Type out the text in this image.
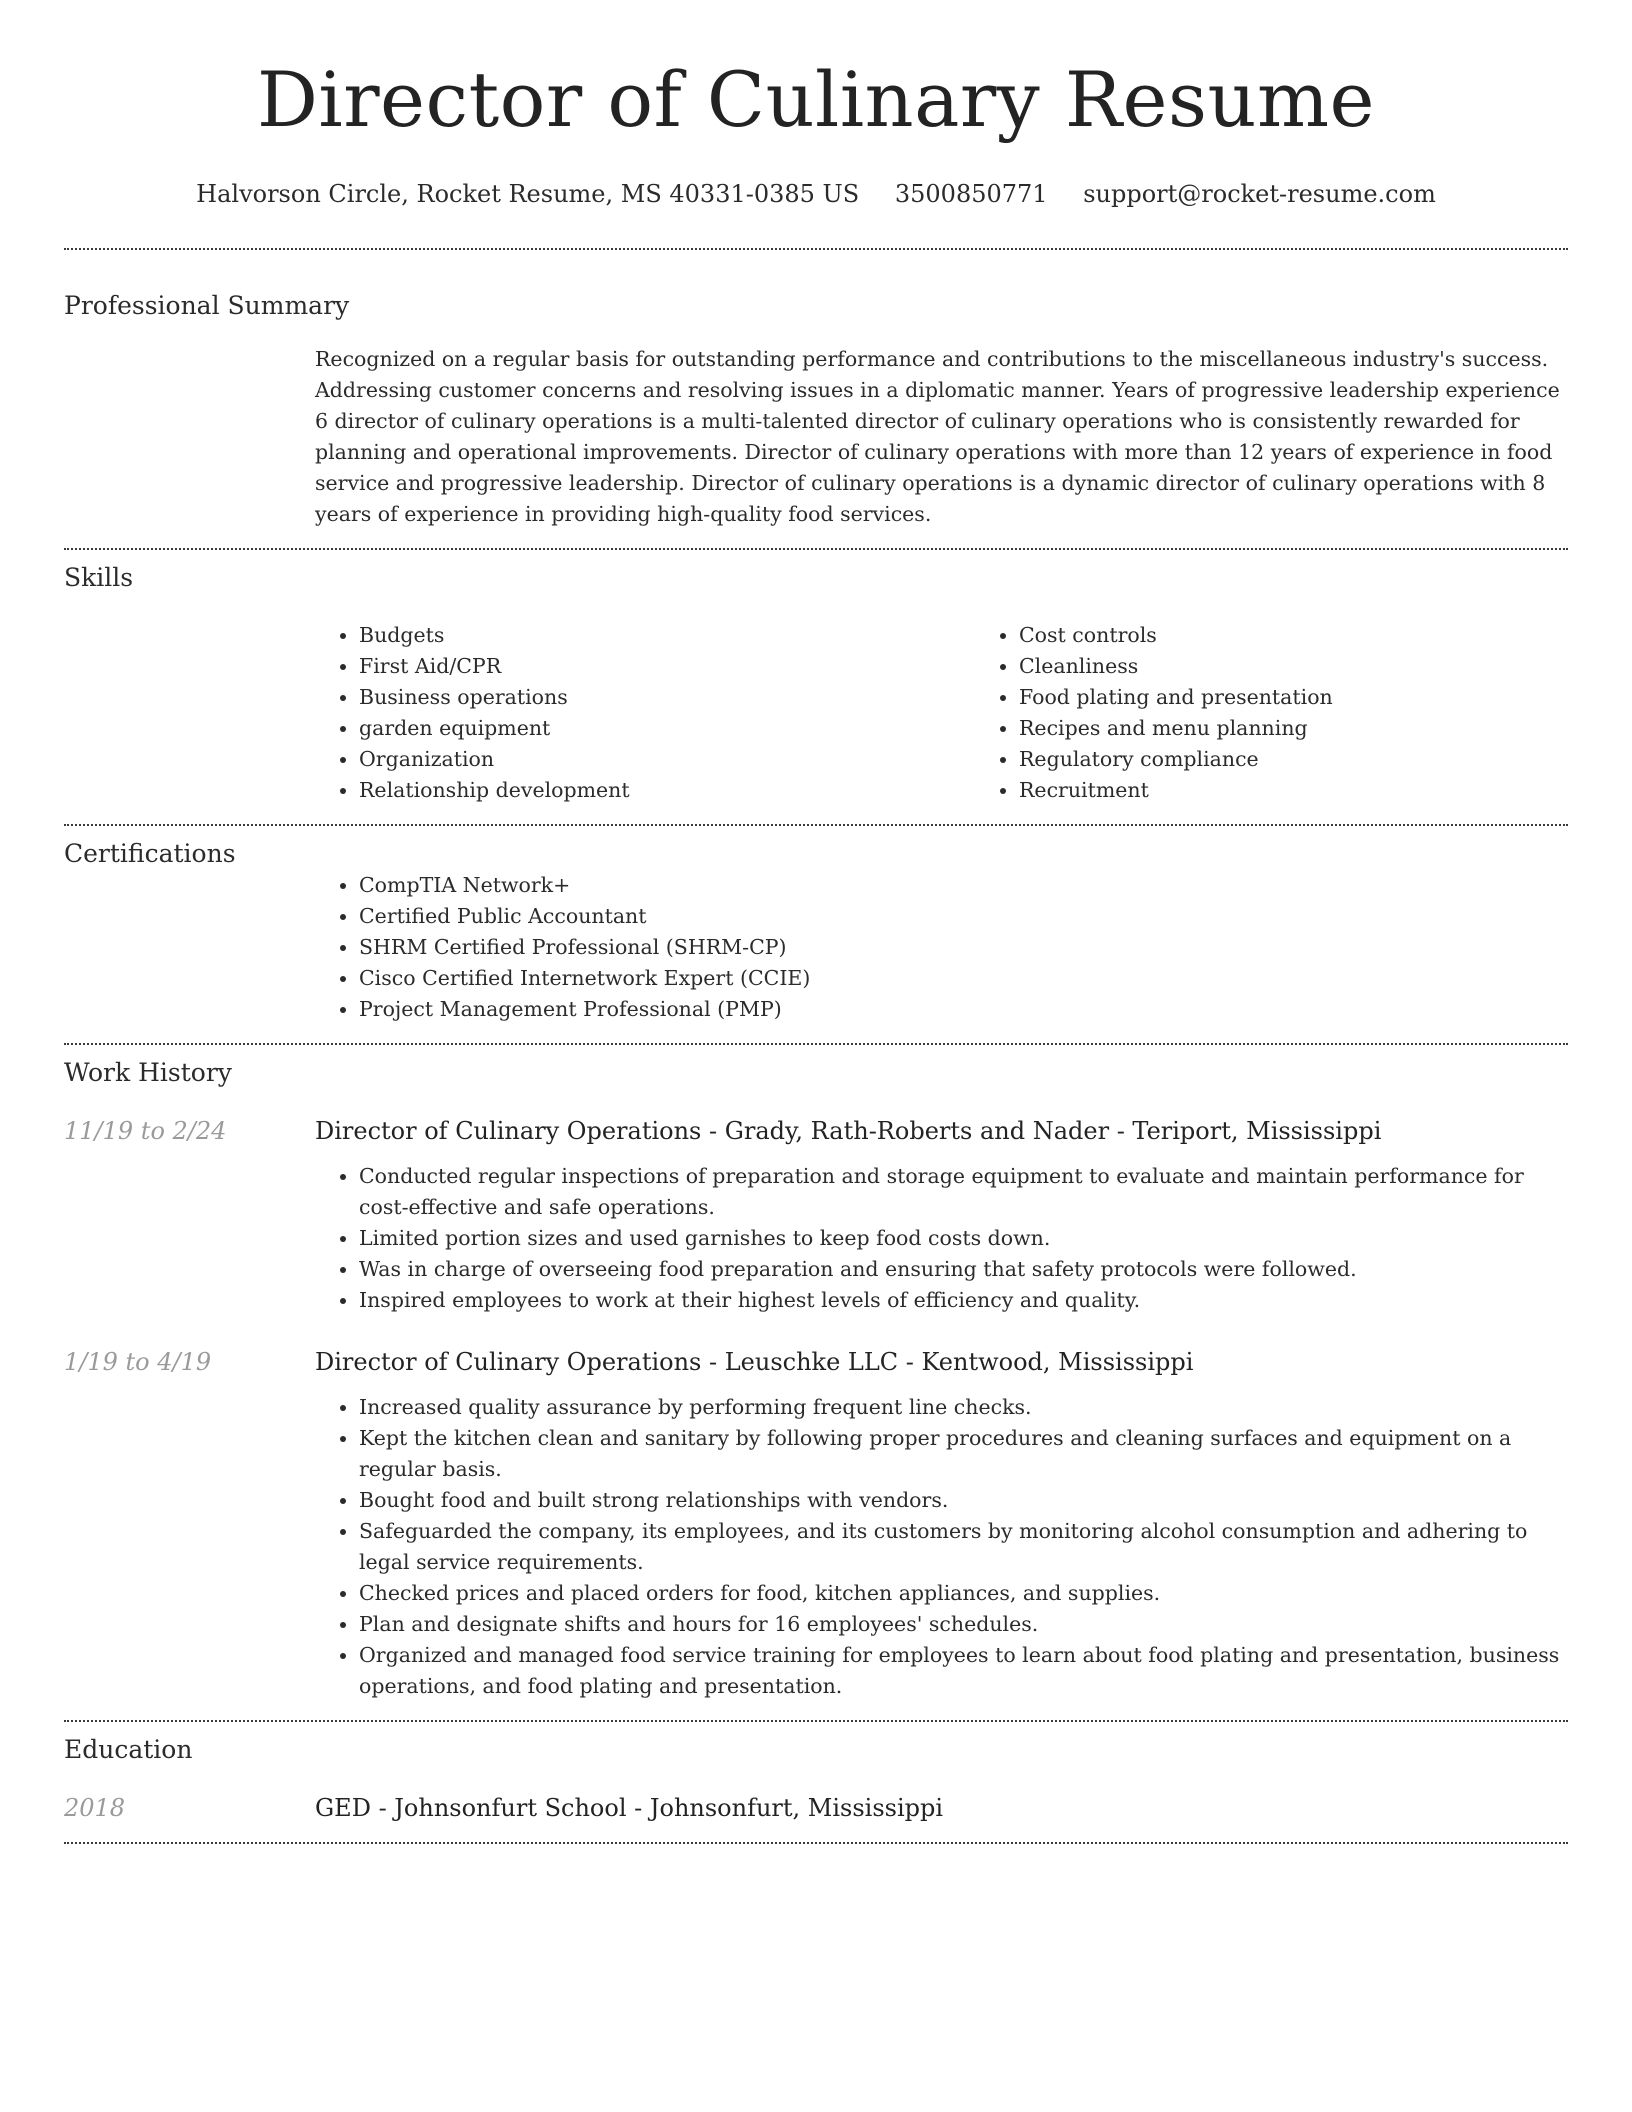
Director of Culinary Resume
Halvorson Circle, Rocket Resume, MS 40331-0385 US 3500850771 support@rocket-resume.com
Professional Summary

Recognized on a regular basis for outstanding performance and contributions to the miscellaneous industry's success. Addressing customer concerns and resolving issues in a diplomatic manner. Years of progressive leadership experience 6 director of culinary operations is a multi-talented director of culinary operations who is consistently rewarded for planning and operational improvements. Director of culinary operations with more than 12 years of experience in food service and progressive leadership. Director of culinary operations is a dynamic director of culinary operations with 8 years of experience in providing high-quality food services.

Skills
• Budgets
• First Aid/CPR
• Business operations
• garden equipment
• Organization
• Relationship development
• Cost controls
• Cleanliness
• Food plating and presentation
• Recipes and menu planning
• Regulatory compliance
• Recruitment
Certifications
• CompTIA Network+
• Certified Public Accountant
• SHRM Certified Professional (SHRM-CP)
• Cisco Certified Internetwork Expert (CCIE)
• Project Management Professional (PMP)
Work History
11/19 to 2/24	Director of Culinary Operations - Grady, Rath-Roberts and Nader - Teriport, Mississippi
• Conducted regular inspections of preparation and storage equipment to evaluate and maintain performance for cost-effective and safe operations.
• Limited portion sizes and used garnishes to keep food costs down.
• Was in charge of overseeing food preparation and ensuring that safety protocols were followed.
• Inspired employees to work at their highest levels of efficiency and quality.
1/19 to 4/19	Director of Culinary Operations - Leuschke LLC - Kentwood, Mississippi
• Increased quality assurance by performing frequent line checks.
• Kept the kitchen clean and sanitary by following proper procedures and cleaning surfaces and equipment on a regular basis.
• Bought food and built strong relationships with vendors.
• Safeguarded the company, its employees, and its customers by monitoring alcohol consumption and adhering to legal service requirements.
• Checked prices and placed orders for food, kitchen appliances, and supplies.
• Plan and designate shifts and hours for 16 employees' schedules.
• Organized and managed food service training for employees to learn about food plating and presentation, business operations, and food plating and presentation.
Education
2018	GED - Johnsonfurt School - Johnsonfurt, Mississippi
